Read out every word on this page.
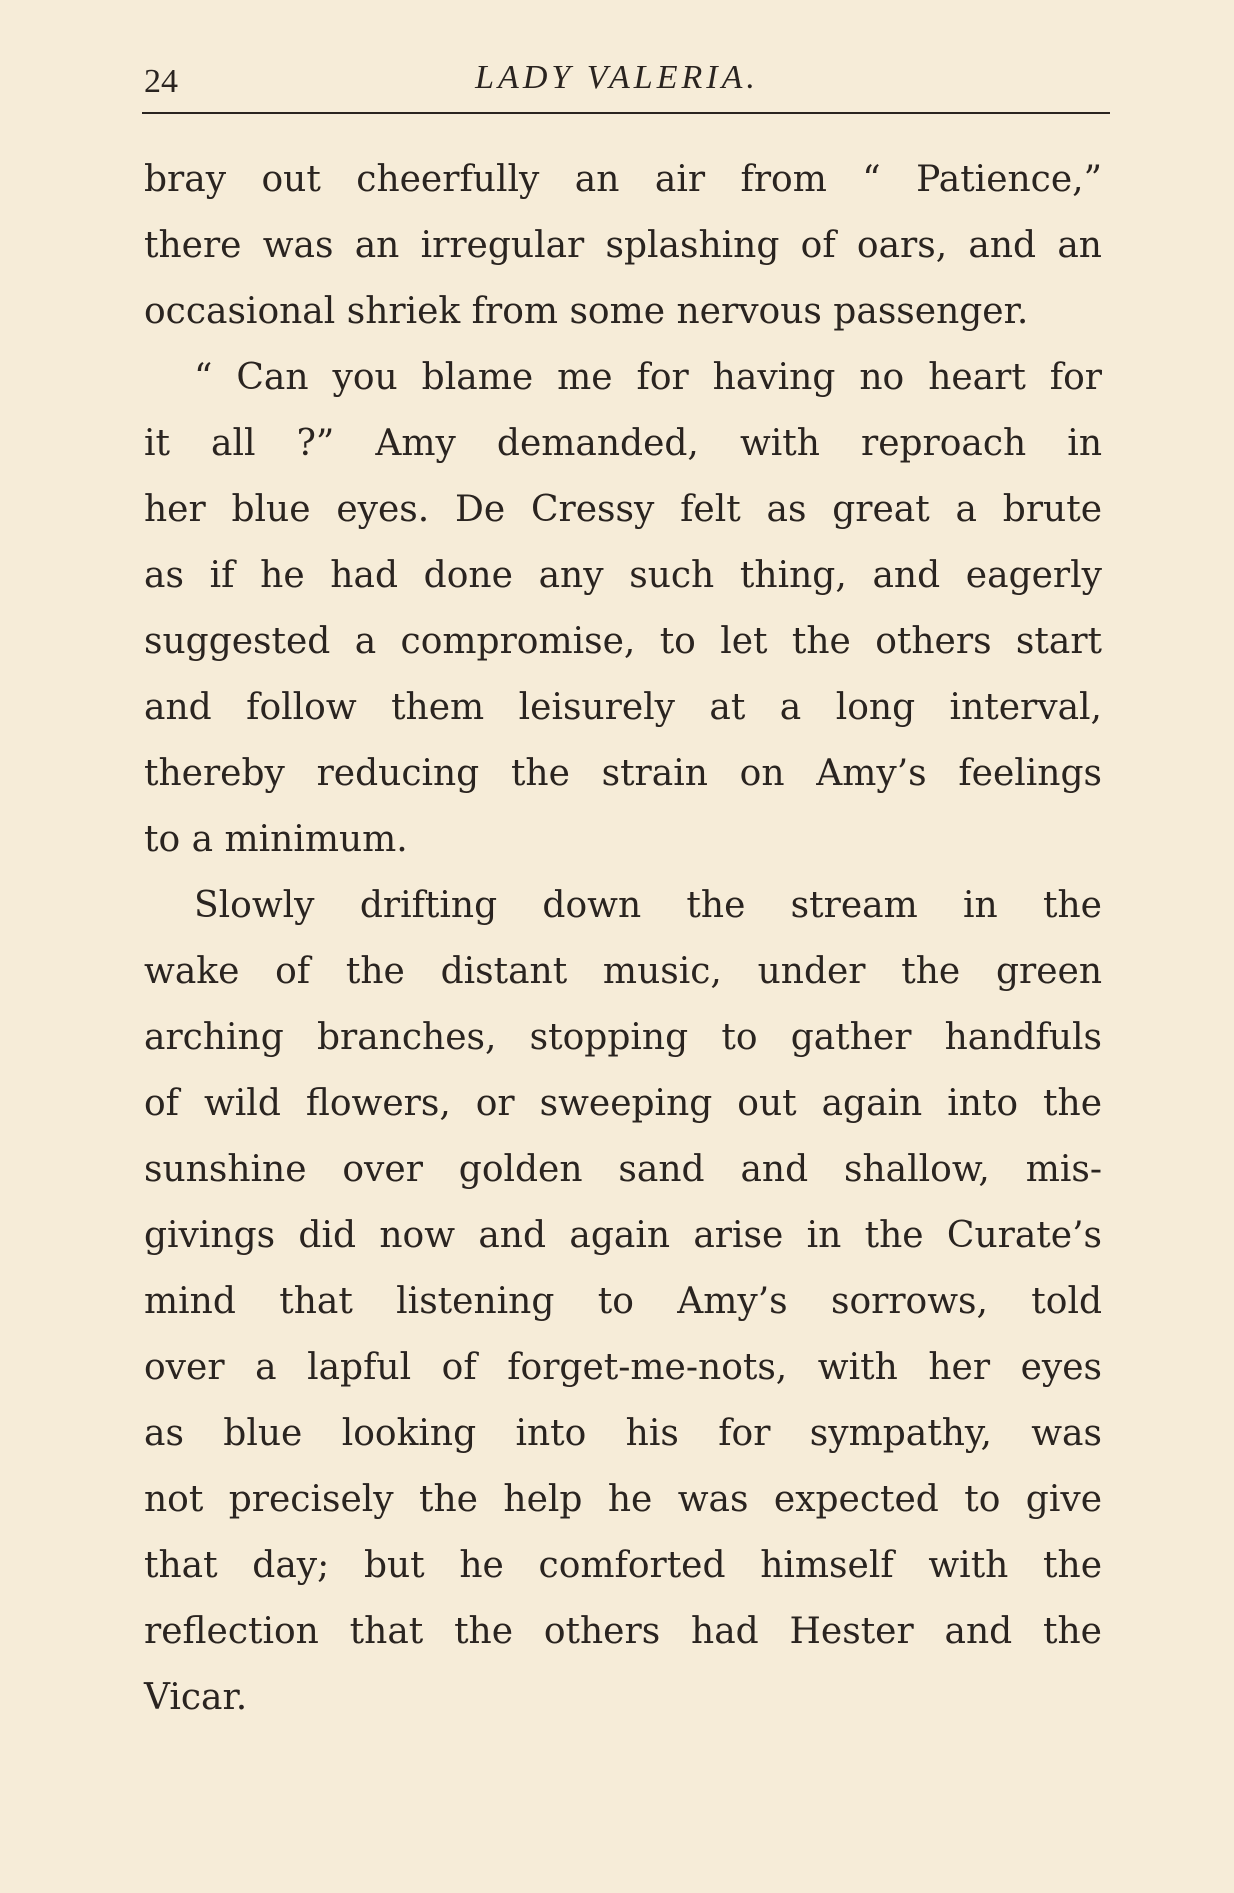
24	LADY VALERIA.
bray out cheerfully an air from “ Patience,”
there was an irregular splashing of oars, and an
occasional shriek from some nervous passenger.
“ Can you blame me for having no heart for
it all ?” Amy demanded, with reproach in
her blue eyes. De Cressy felt as great a brute
as if he had done any such thing, and eagerly
suggested a compromise, to let the others start
and follow them leisurely at a long interval,
thereby reducing the strain on Amy’s feelings
to a minimum.
Slowly drifting down the stream in the
wake of the distant music, under the green
arching branches, stopping to gather handfuls
of wild flowers, or sweeping out again into the
sunshine over golden sand and shallow, mis-
givings did now and again arise in the Curate’s
mind that listening to Amy’s sorrows, told
over a lapful of forget-me-nots, with her eyes
as blue looking into his for sympathy, was
not precisely the help he was expected to give
that day; but he comforted himself with the
reflection that the others had Hester and the
Vicar.
